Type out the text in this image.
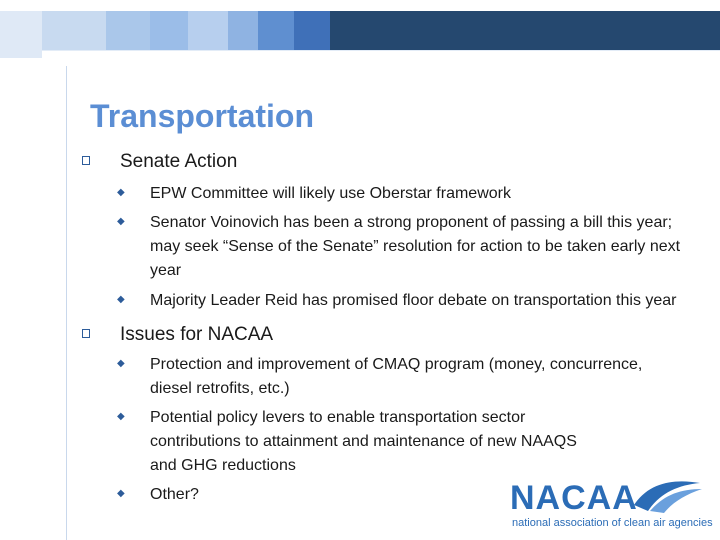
Transportation
Senate Action
◆ EPW Committee will likely use Oberstar framework
◆ Senator Voinovich has been a strong proponent of passing a bill this year; may seek “Sense of the Senate” resolution for action to be taken early next year
◆ Majority Leader Reid has promised floor debate on transportation this year
Issues for NACAA
◆ Protection and improvement of CMAQ program (money, concurrence, diesel retrofits, etc.)
◆ Potential policy levers to enable transportation sector contributions to attainment and maintenance of new NAAQS and GHG reductions
◆ Other?	NACAA
national association of clean air agencies
